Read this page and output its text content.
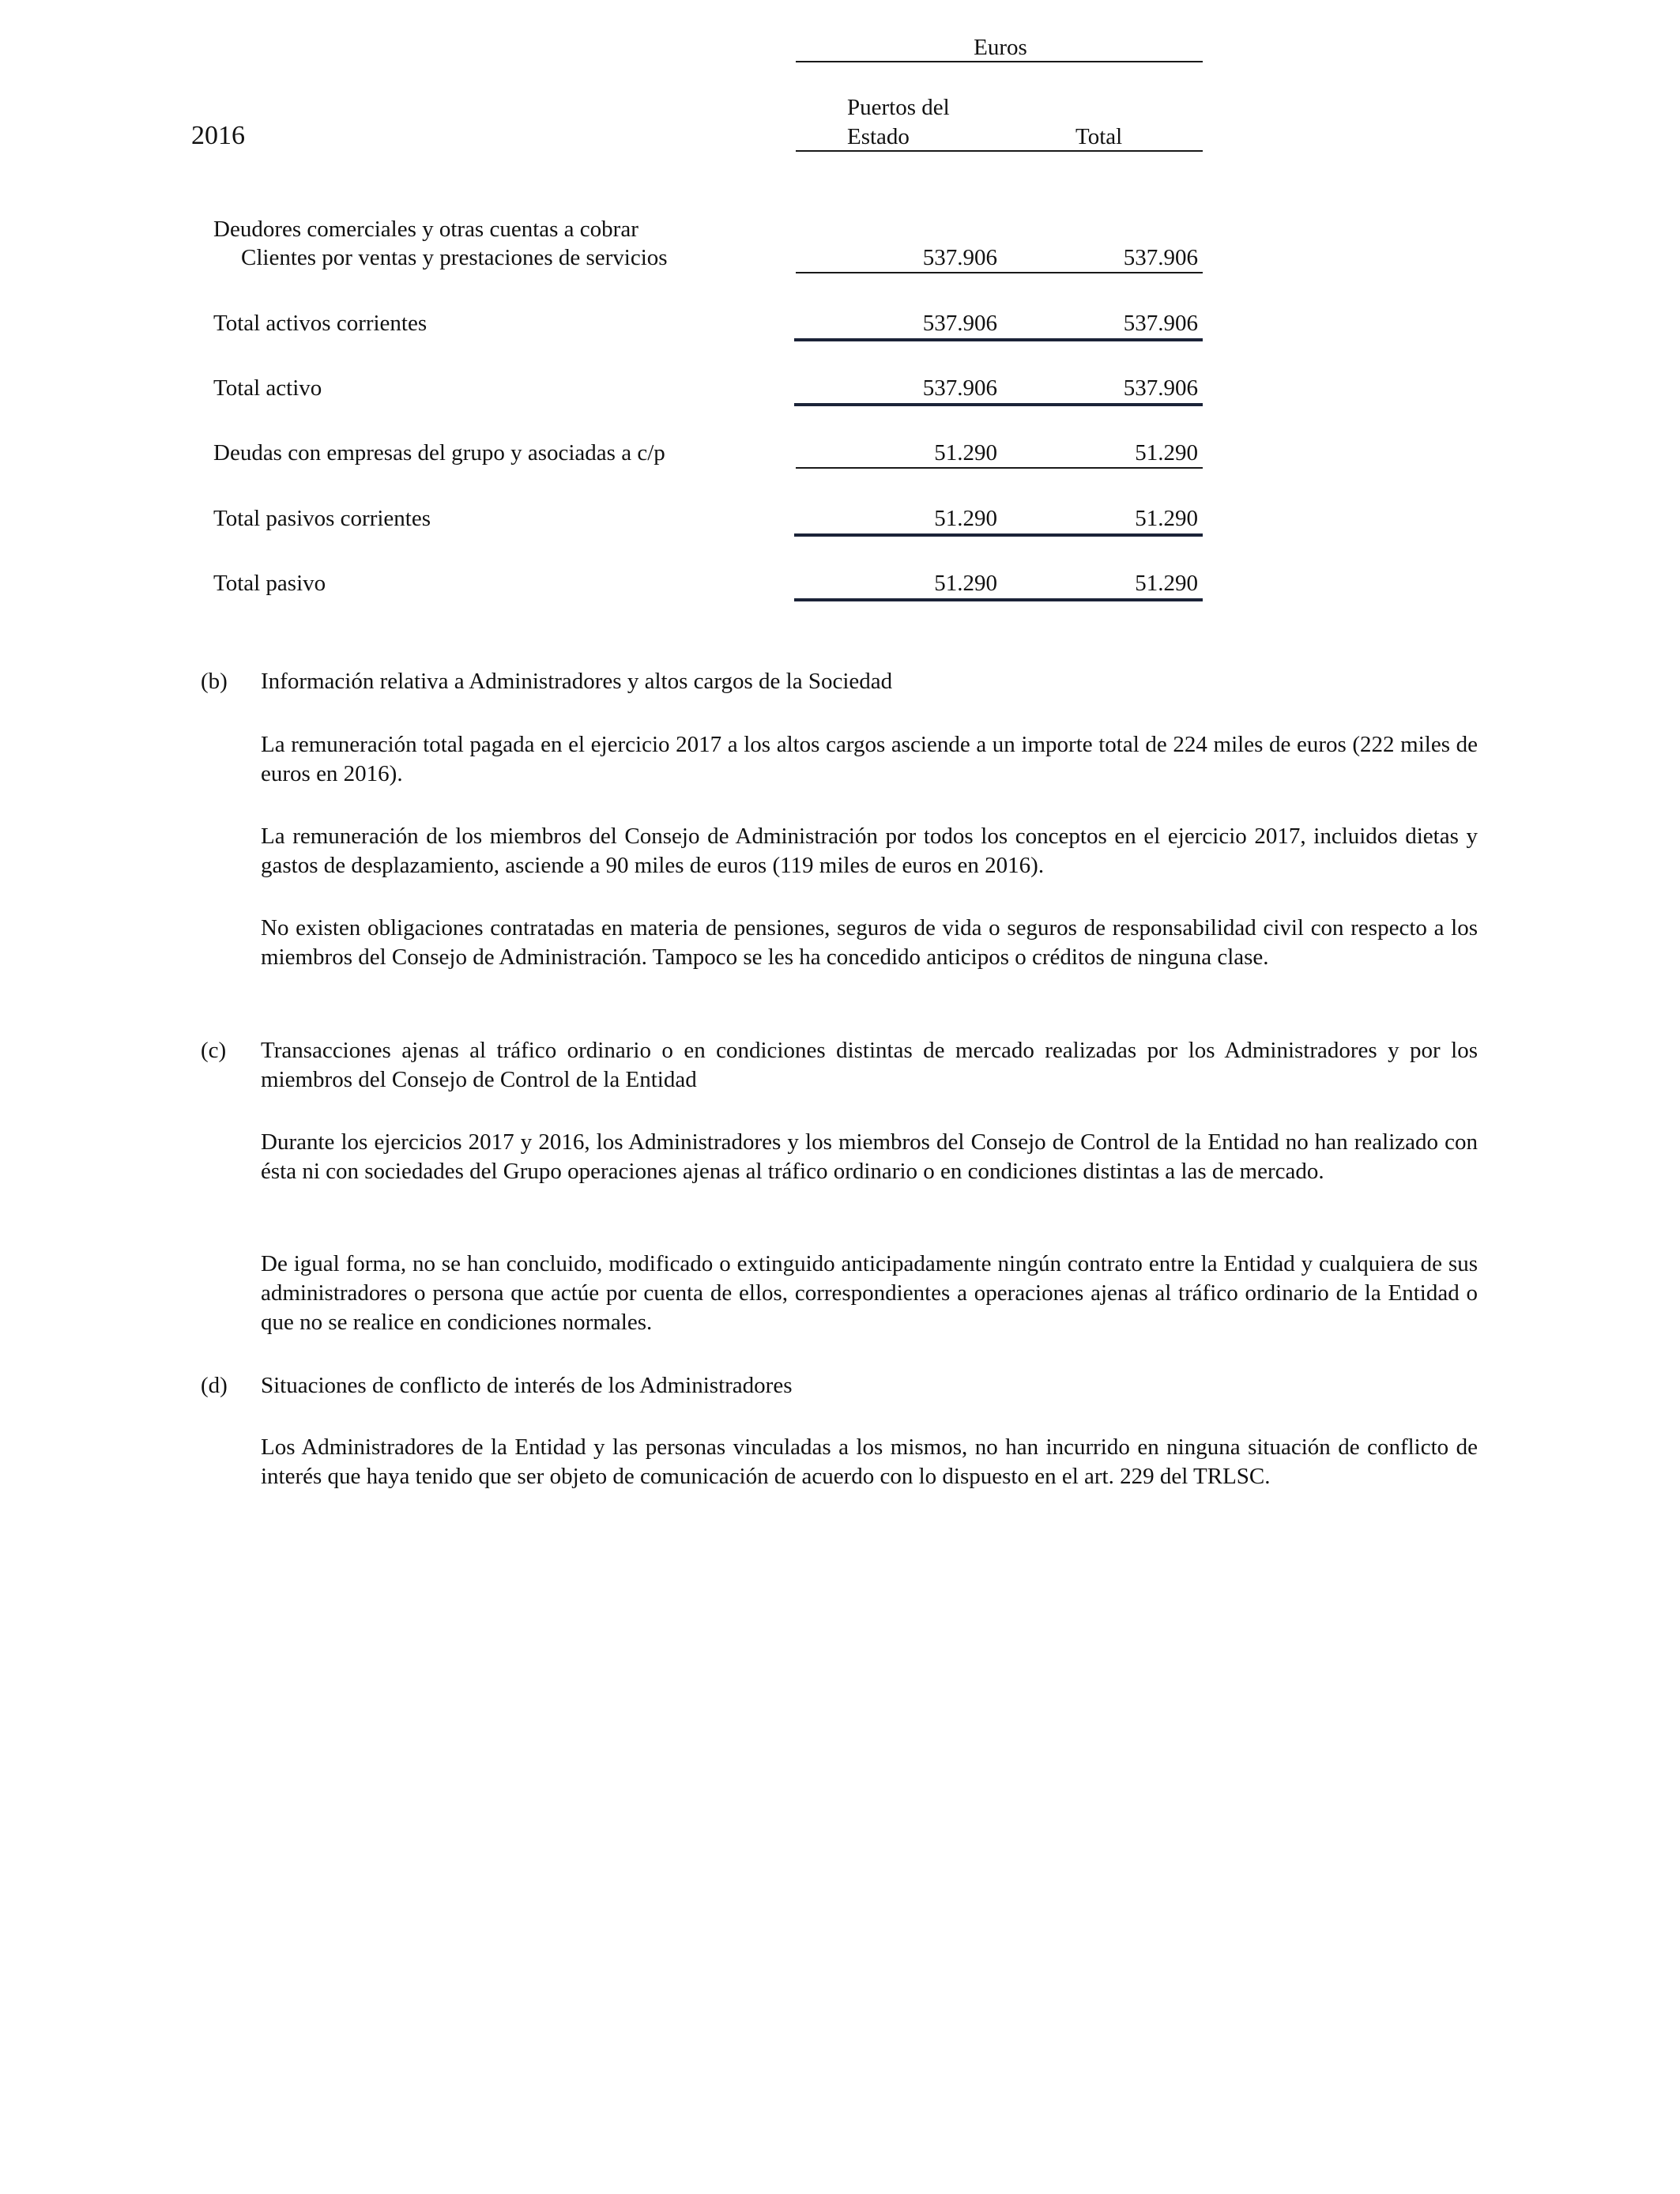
Euros
2016
Puertos del
Estado	Total
Deudores comerciales y otras cuentas a cobrar
Clientes por ventas y prestaciones de servicios	537.906	537.906
Total activos corrientes	537.906	537.906
Total activo	537.906	537.906
Deudas con empresas del grupo y asociadas a c/p	51.290	51.290
Total pasivos corrientes	51.290	51.290
Total pasivo	51.290	51.290
(b) Información relativa a Administradores y altos cargos de la Sociedad
La remuneración total pagada en el ejercicio 2017 a los altos cargos asciende a un importe total de 224 miles de euros (222 miles de euros en 2016).
La remuneración de los miembros del Consejo de Administración por todos los conceptos en el ejercicio 2017, incluidos dietas y gastos de desplazamiento, asciende a 90 miles de euros (119 miles de euros en 2016).
No existen obligaciones contratadas en materia de pensiones, seguros de vida o seguros de responsabilidad civil con respecto a los miembros del Consejo de Administración. Tampoco se les ha concedido anticipos o créditos de ninguna clase.
(c) Transacciones ajenas al tráfico ordinario o en condiciones distintas de mercado realizadas por los Administradores y por los miembros del Consejo de Control de la Entidad
Durante los ejercicios 2017 y 2016, los Administradores y los miembros del Consejo de Control de la Entidad no han realizado con ésta ni con sociedades del Grupo operaciones ajenas al tráfico ordinario o en condiciones distintas a las de mercado.
De igual forma, no se han concluido, modificado o extinguido anticipadamente ningún contrato entre la Entidad y cualquiera de sus administradores o persona que actúe por cuenta de ellos, correspondientes a operaciones ajenas al tráfico ordinario de la Entidad o que no se realice en condiciones normales.
(d) Situaciones de conflicto de interés de los Administradores
Los Administradores de la Entidad y las personas vinculadas a los mismos, no han incurrido en ninguna situación de conflicto de interés que haya tenido que ser objeto de comunicación de acuerdo con lo dispuesto en el art. 229 del TRLSC.
